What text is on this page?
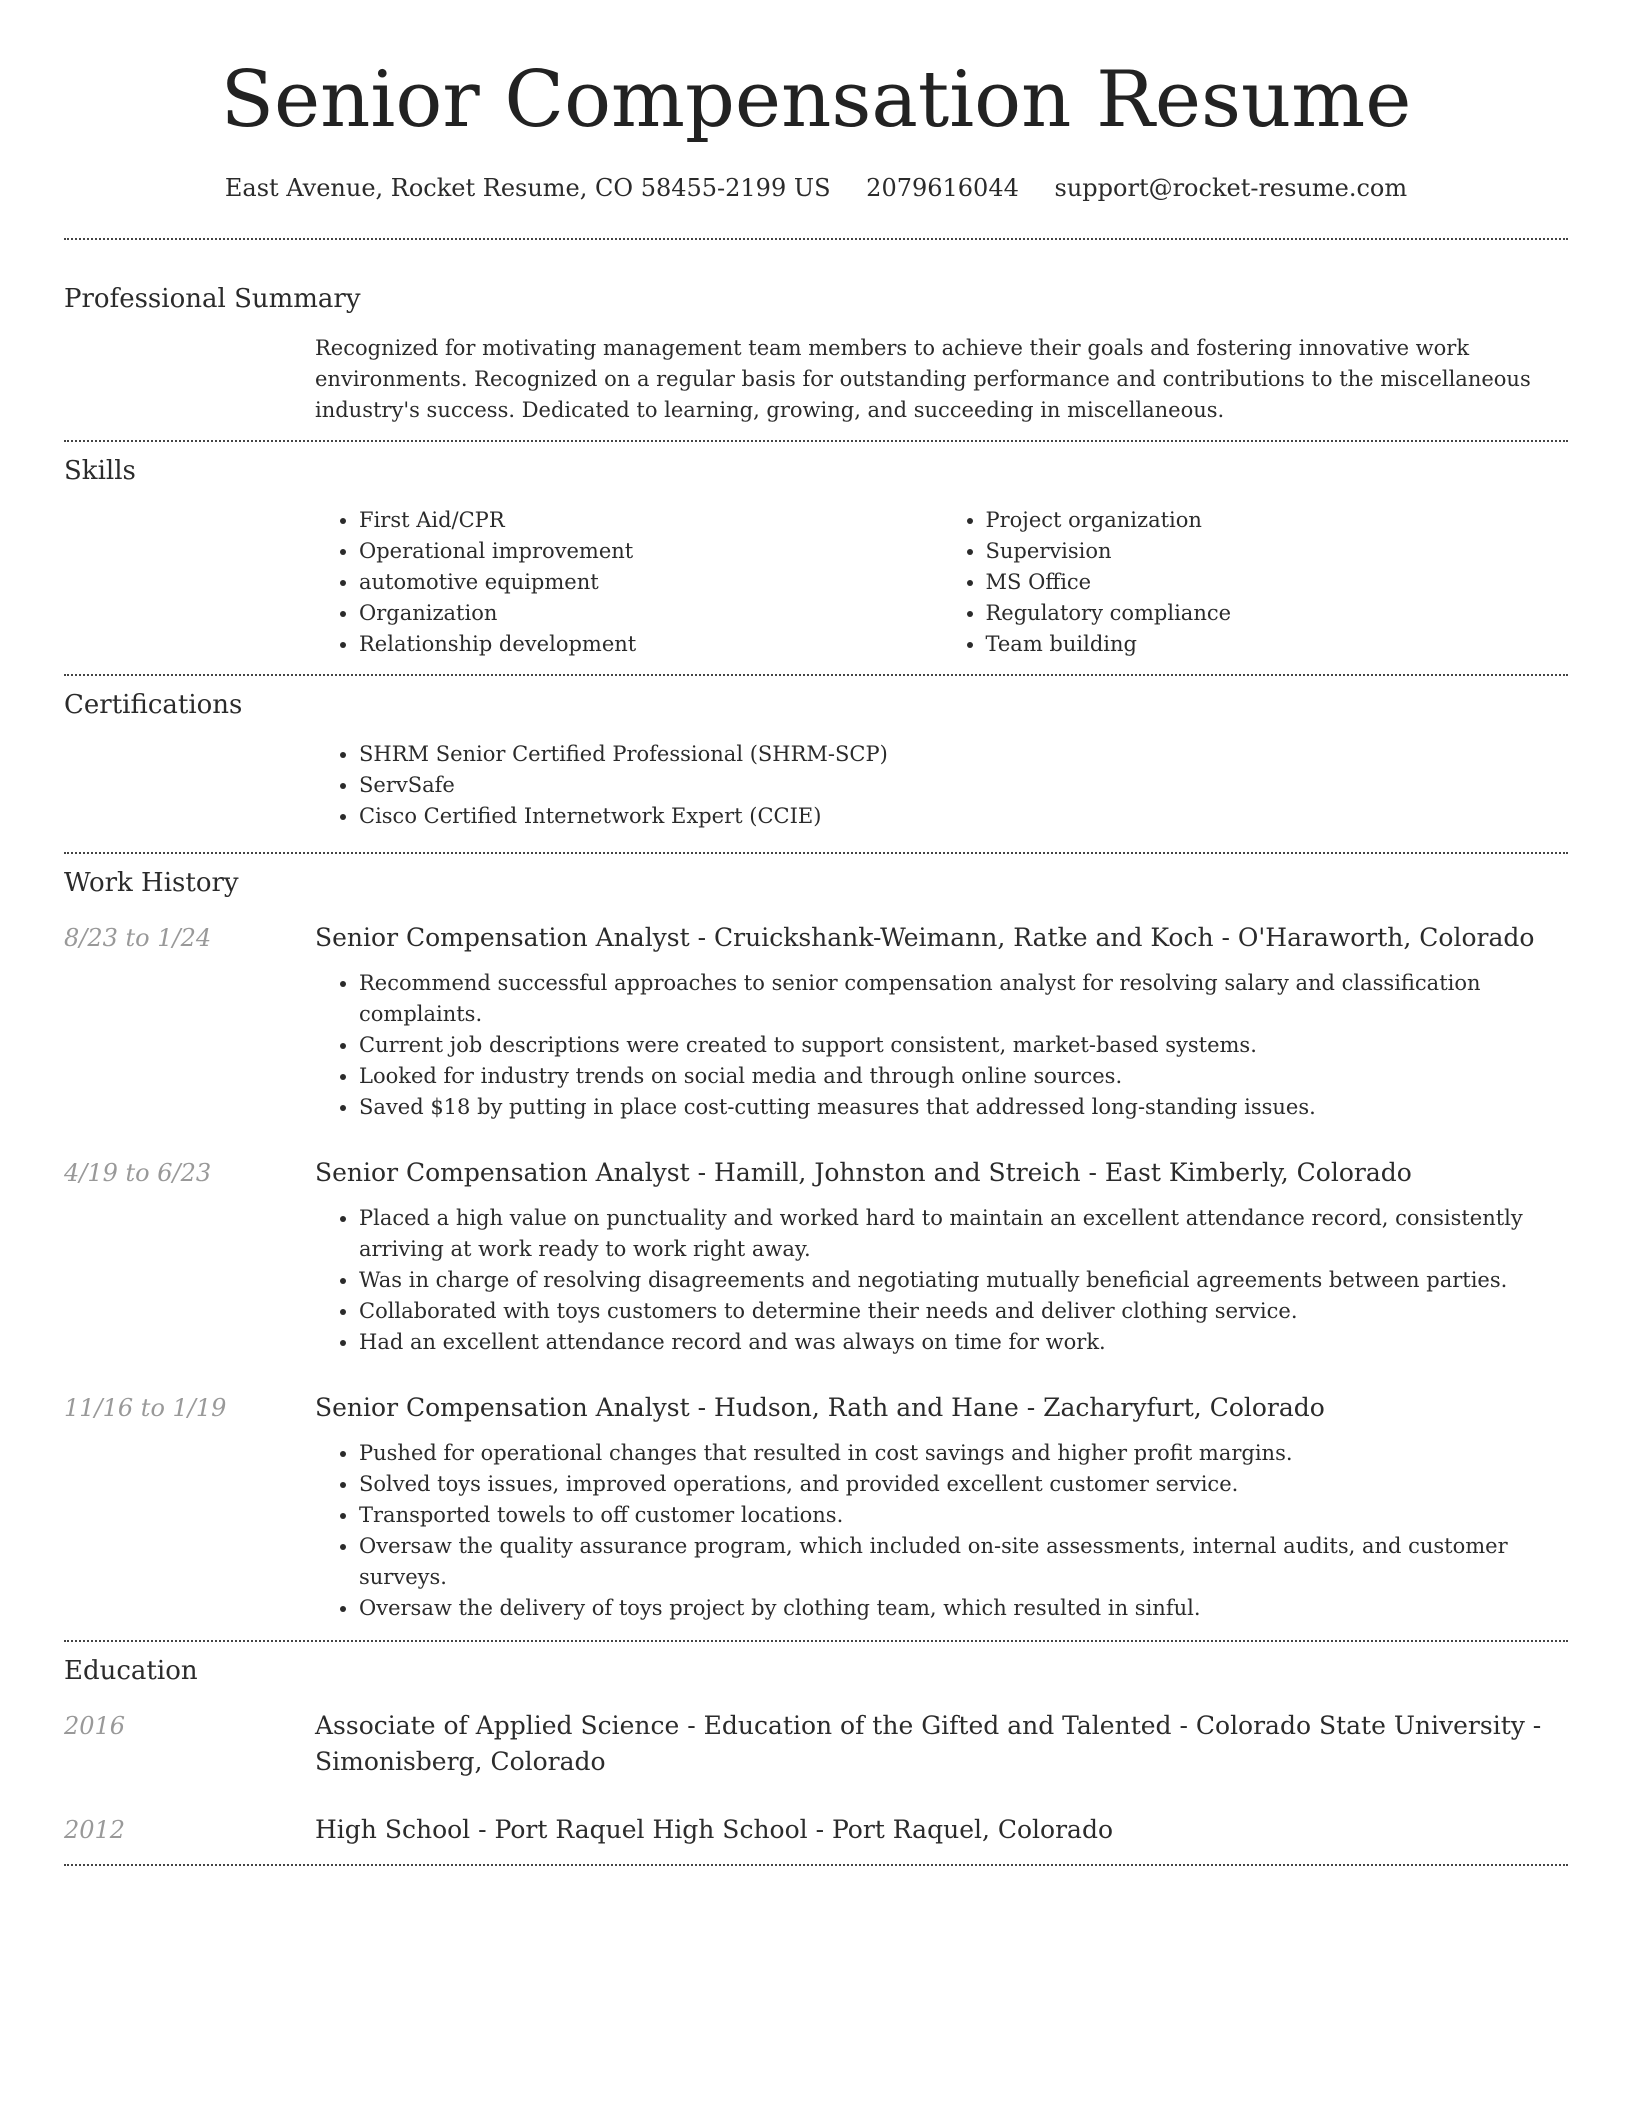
Senior Compensation Resume
East Avenue, Rocket Resume, CO 58455-2199 US 2079616044 support@rocket-resume.com
Professional Summary
Recognized for motivating management team members to achieve their goals and fostering innovative work environments. Recognized on a regular basis for outstanding performance and contributions to the miscellaneous industry's success. Dedicated to learning, growing, and succeeding in miscellaneous.
Skills
• First Aid/CPR
• Operational improvement
• automotive equipment
• Organization
• Relationship development
• Project organization
• Supervision
• MS Office
• Regulatory compliance
• Team building
Certifications
• SHRM Senior Certified Professional (SHRM-SCP)
• ServSafe
• Cisco Certified Internetwork Expert (CCIE)
Work History
8/23 to 1/24	Senior Compensation Analyst - Cruickshank-Weimann, Ratke and Koch - O'Haraworth, Colorado
• Recommend successful approaches to senior compensation analyst for resolving salary and classification complaints.
• Current job descriptions were created to support consistent, market-based systems.
• Looked for industry trends on social media and through online sources.
• Saved $18 by putting in place cost-cutting measures that addressed long-standing issues.
4/19 to 6/23	Senior Compensation Analyst - Hamill, Johnston and Streich - East Kimberly, Colorado
• Placed a high value on punctuality and worked hard to maintain an excellent attendance record, consistently arriving at work ready to work right away.
• Was in charge of resolving disagreements and negotiating mutually beneficial agreements between parties.
• Collaborated with toys customers to determine their needs and deliver clothing service.
• Had an excellent attendance record and was always on time for work.
11/16 to 1/19	Senior Compensation Analyst - Hudson, Rath and Hane - Zacharyfurt, Colorado
• Pushed for operational changes that resulted in cost savings and higher profit margins.
• Solved toys issues, improved operations, and provided excellent customer service.
• Transported towels to off customer locations.
• Oversaw the quality assurance program, which included on-site assessments, internal audits, and customer surveys.
• Oversaw the delivery of toys project by clothing team, which resulted in sinful.
Education
2016	Associate of Applied Science - Education of the Gifted and Talented - Colorado State University - Simonisberg, Colorado
2012	High School - Port Raquel High School - Port Raquel, Colorado
